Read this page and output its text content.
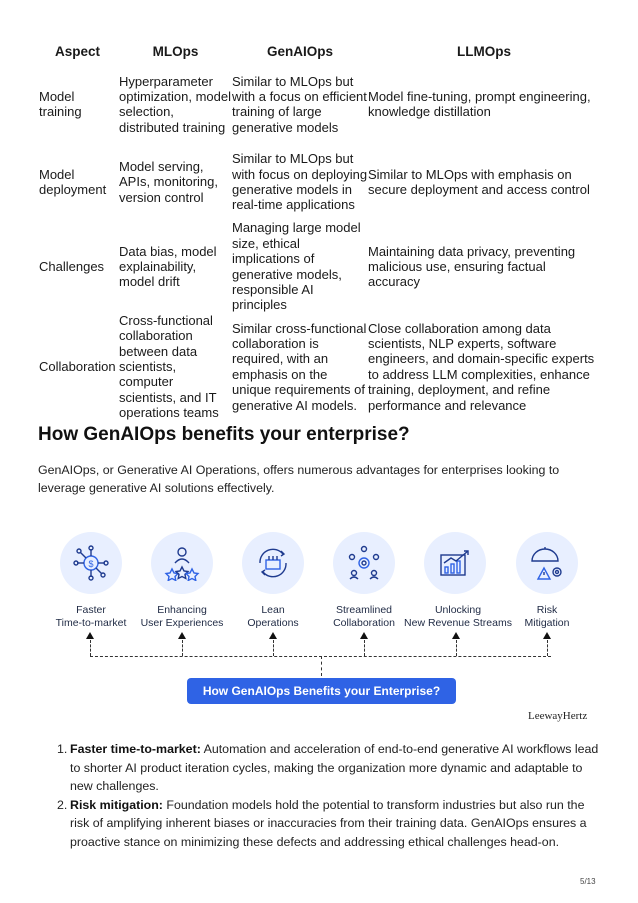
Aspect	MLOps	GenAIOps	LLMOps
Model training	Hyperparameter optimization, model selection, distributed training	Similar to MLOps but with a focus on efficient training of large generative models	Model fine-tuning, prompt engineering, knowledge distillation
Model deployment	Model serving, APIs, monitoring, version control	Similar to MLOps but with focus on deploying generative models in real-time applications	Similar to MLOps with emphasis on secure deployment and access control
Challenges	Data bias, model explainability, model drift	Managing large model size, ethical implications of generative models, responsible AI principles	Maintaining data privacy, preventing malicious use, ensuring factual accuracy
Collaboration	Cross-functional collaboration between data scientists, computer scientists, and IT operations teams	Similar cross-functional collaboration is required, with an emphasis on the unique requirements of generative AI models.	Close collaboration among data scientists, NLP experts, software engineers, and domain-specific experts to address LLM complexities, enhance training, deployment, and refine performance and relevance
How GenAIOps benefits your enterprise?

GenAIOps, or Generative AI Operations, offers numerous advantages for enterprises looking to leverage generative AI solutions effectively.

$
Faster
Time-to-market
Enhancing
User Experiences
Lean
Operations
Streamlined
Collaboration
Unlocking
New Revenue Streams
Risk
Mitigation
How GenAIOps Benefits your Enterprise?
LeewayHertz
1. Faster time-to-market: Automation and acceleration of end-to-end generative AI workflows lead to shorter AI product iteration cycles, making the organization more dynamic and adaptable to new challenges.
2. Risk mitigation: Foundation models hold the potential to transform industries but also run the risk of amplifying inherent biases or inaccuracies from their training data. GenAIOps ensures a proactive stance on minimizing these defects and addressing ethical challenges head-on.
5/13
